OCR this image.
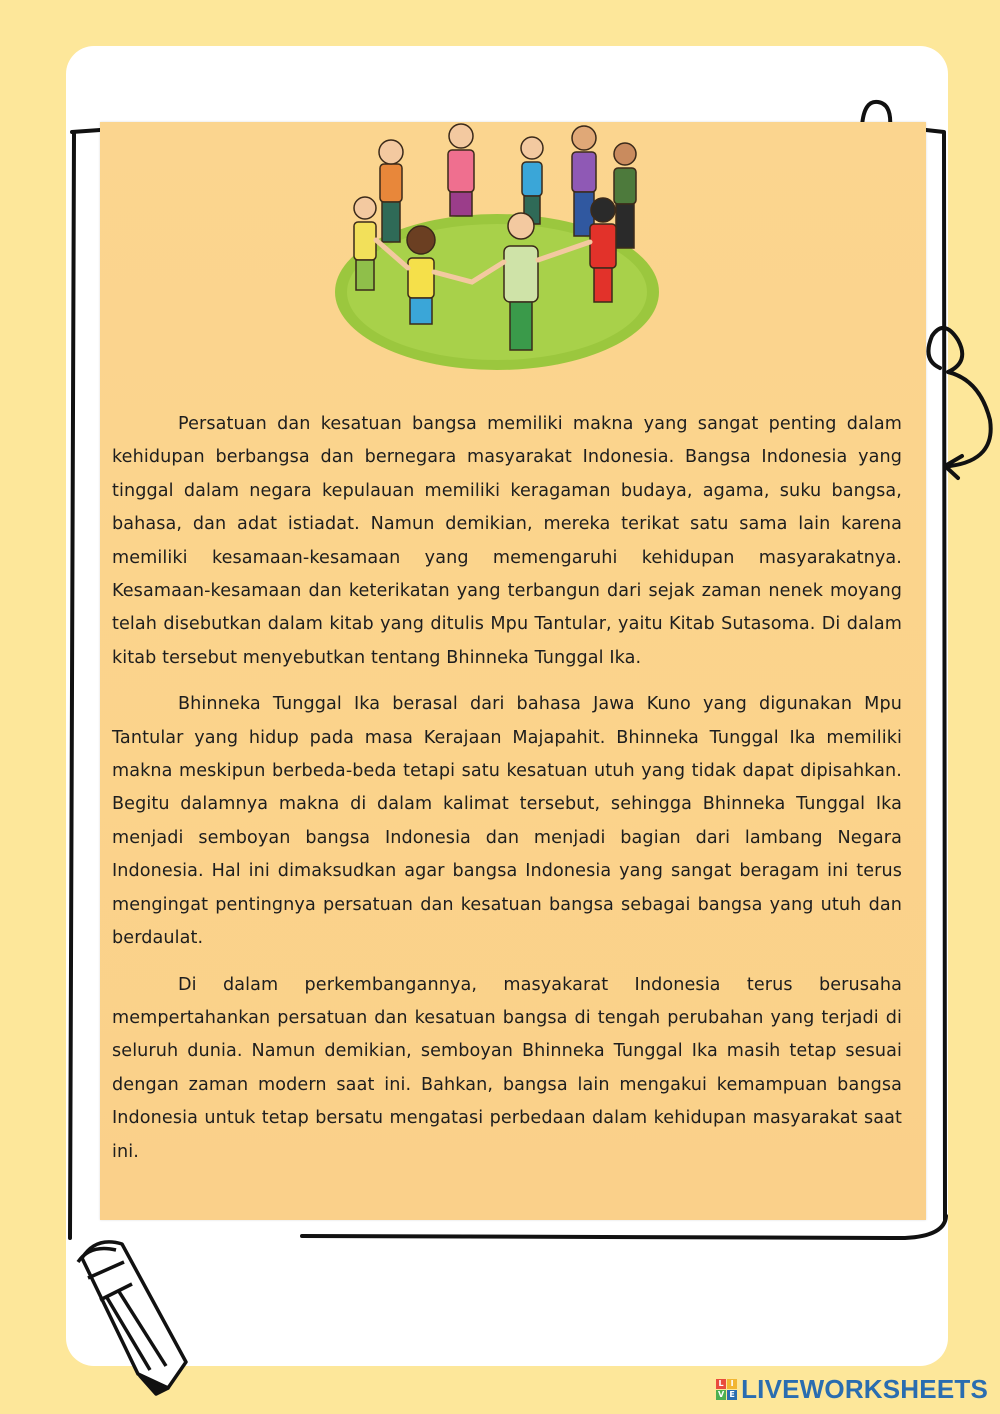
Persatuan dan kesatuan bangsa memiliki makna yang sangat penting dalam kehidupan berbangsa dan bernegara masyarakat Indonesia. Bangsa Indonesia yang tinggal dalam negara kepulauan memiliki keragaman budaya, agama, suku bangsa, bahasa, dan adat istiadat. Namun demikian, mereka terikat satu sama lain karena memiliki kesamaan-kesamaan yang memengaruhi kehidupan masyarakatnya. Kesamaan-kesamaan dan keterikatan yang terbangun dari sejak zaman nenek moyang telah disebutkan dalam kitab yang ditulis Mpu Tantular, yaitu Kitab Sutasoma. Di dalam kitab tersebut menyebutkan tentang Bhinneka Tunggal Ika.

Bhinneka Tunggal Ika berasal dari bahasa Jawa Kuno yang digunakan Mpu Tantular yang hidup pada masa Kerajaan Majapahit. Bhinneka Tunggal Ika memiliki makna meskipun berbeda-beda tetapi satu kesatuan utuh yang tidak dapat dipisahkan. Begitu dalamnya makna di dalam kalimat tersebut, sehingga Bhinneka Tunggal Ika menjadi semboyan bangsa Indonesia dan menjadi bagian dari lambang Negara Indonesia. Hal ini dimaksudkan agar bangsa Indonesia yang sangat beragam ini terus mengingat pentingnya persatuan dan kesatuan bangsa sebagai bangsa yang utuh dan berdaulat.

Di dalam perkembangannya, masyakarat Indonesia terus berusaha mempertahankan persatuan dan kesatuan bangsa di tengah perubahan yang terjadi di seluruh dunia. Namun demikian, semboyan Bhinneka Tunggal Ika masih tetap sesuai dengan zaman modern saat ini. Bahkan, bangsa lain mengakui kemampuan bangsa Indonesia untuk tetap bersatu mengatasi perbedaan dalam kehidupan masyarakat saat ini.

L I
V E LIVEWORKSHEETS
